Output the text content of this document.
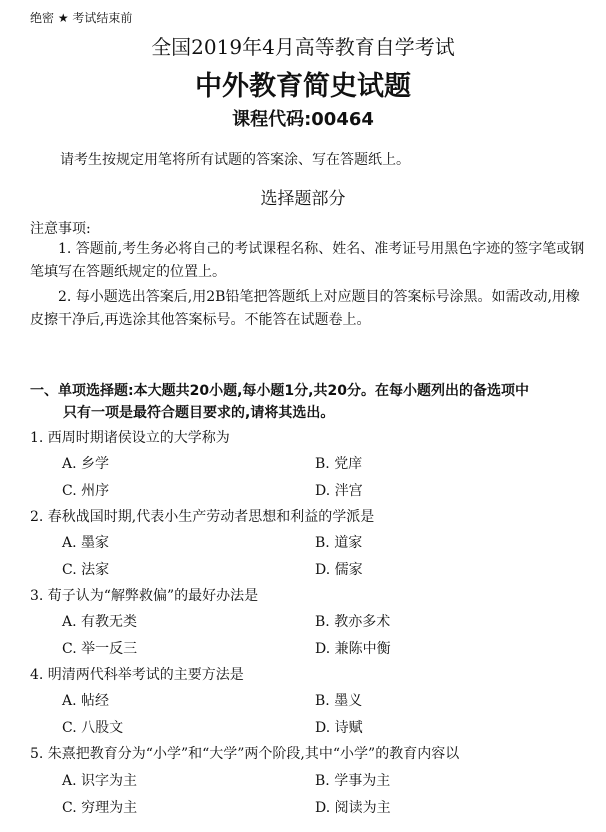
绝密 ★ 考试结束前
全国2019年4月高等教育自学考试
中外教育简史试题
课程代码:00464
请考生按规定用笔将所有试题的答案涂、写在答题纸上。
选择题部分
注意事项:
1. 答题前,考生务必将自己的考试课程名称、姓名、准考证号用黑色字迹的签字笔或钢笔填写在答题纸规定的位置上。
2. 每小题选出答案后,用2B铅笔把答题纸上对应题目的答案标号涂黑。如需改动,用橡皮擦干净后,再选涂其他答案标号。不能答在试题卷上。
一、单项选择题:本大题共20小题,每小题1分,共20分。在每小题列出的备选项中
只有一项是最符合题目要求的,请将其选出。
1. 西周时期诸侯设立的大学称为
A. 乡学	B. 党庠
C. 州序	D. 泮宫
2. 春秋战国时期,代表小生产劳动者思想和利益的学派是
A. 墨家	B. 道家
C. 法家	D. 儒家
3. 荀子认为“解弊救偏”的最好办法是
A. 有教无类	B. 教亦多术
C. 举一反三	D. 兼陈中衡
4. 明清两代科举考试的主要方法是
A. 帖经	B. 墨义
C. 八股文	D. 诗赋
5. 朱熹把教育分为“小学”和“大学”两个阶段,其中“小学”的教育内容以
A. 识字为主	B. 学事为主
C. 穷理为主	D. 阅读为主
